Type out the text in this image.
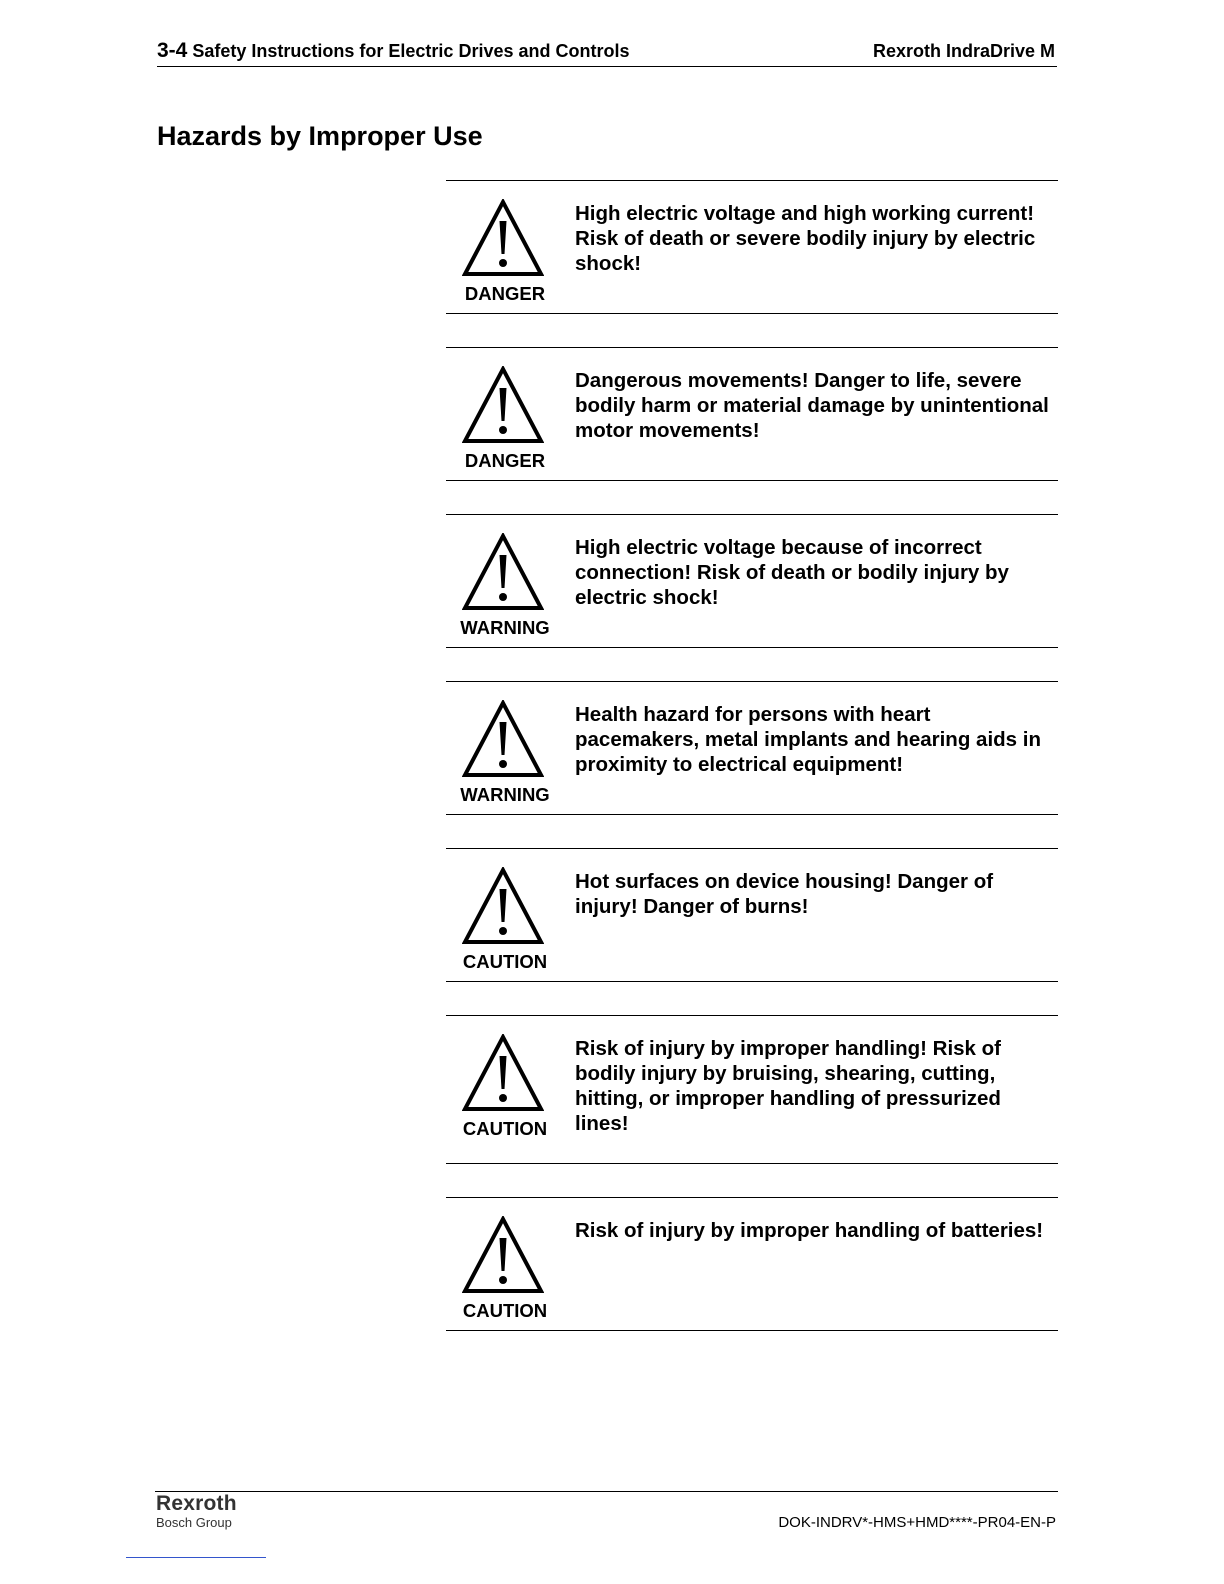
3-4 Safety Instructions for Electric Drives and Controls	Rexroth IndraDrive M
Hazards by Improper Use
DANGER
High electric voltage and high working current! Risk of death or severe bodily injury by electric shock!
DANGER
Dangerous movements! Danger to life, severe bodily harm or material damage by unintentional motor movements!
WARNING
High electric voltage because of incorrect connection! Risk of death or bodily injury by electric shock!
WARNING
Health hazard for persons with heart pacemakers, metal implants and hearing aids in proximity to electrical equipment!
CAUTION
Hot surfaces on device housing! Danger of injury! Danger of burns!
CAUTION
Risk of injury by improper handling! Risk of bodily injury by bruising, shearing, cutting, hitting, or improper handling of pressurized lines!
CAUTION
Risk of injury by improper handling of batteries!
Rexroth
Bosch Group	DOK-INDRV*-HMS+HMD****-PR04-EN-P
